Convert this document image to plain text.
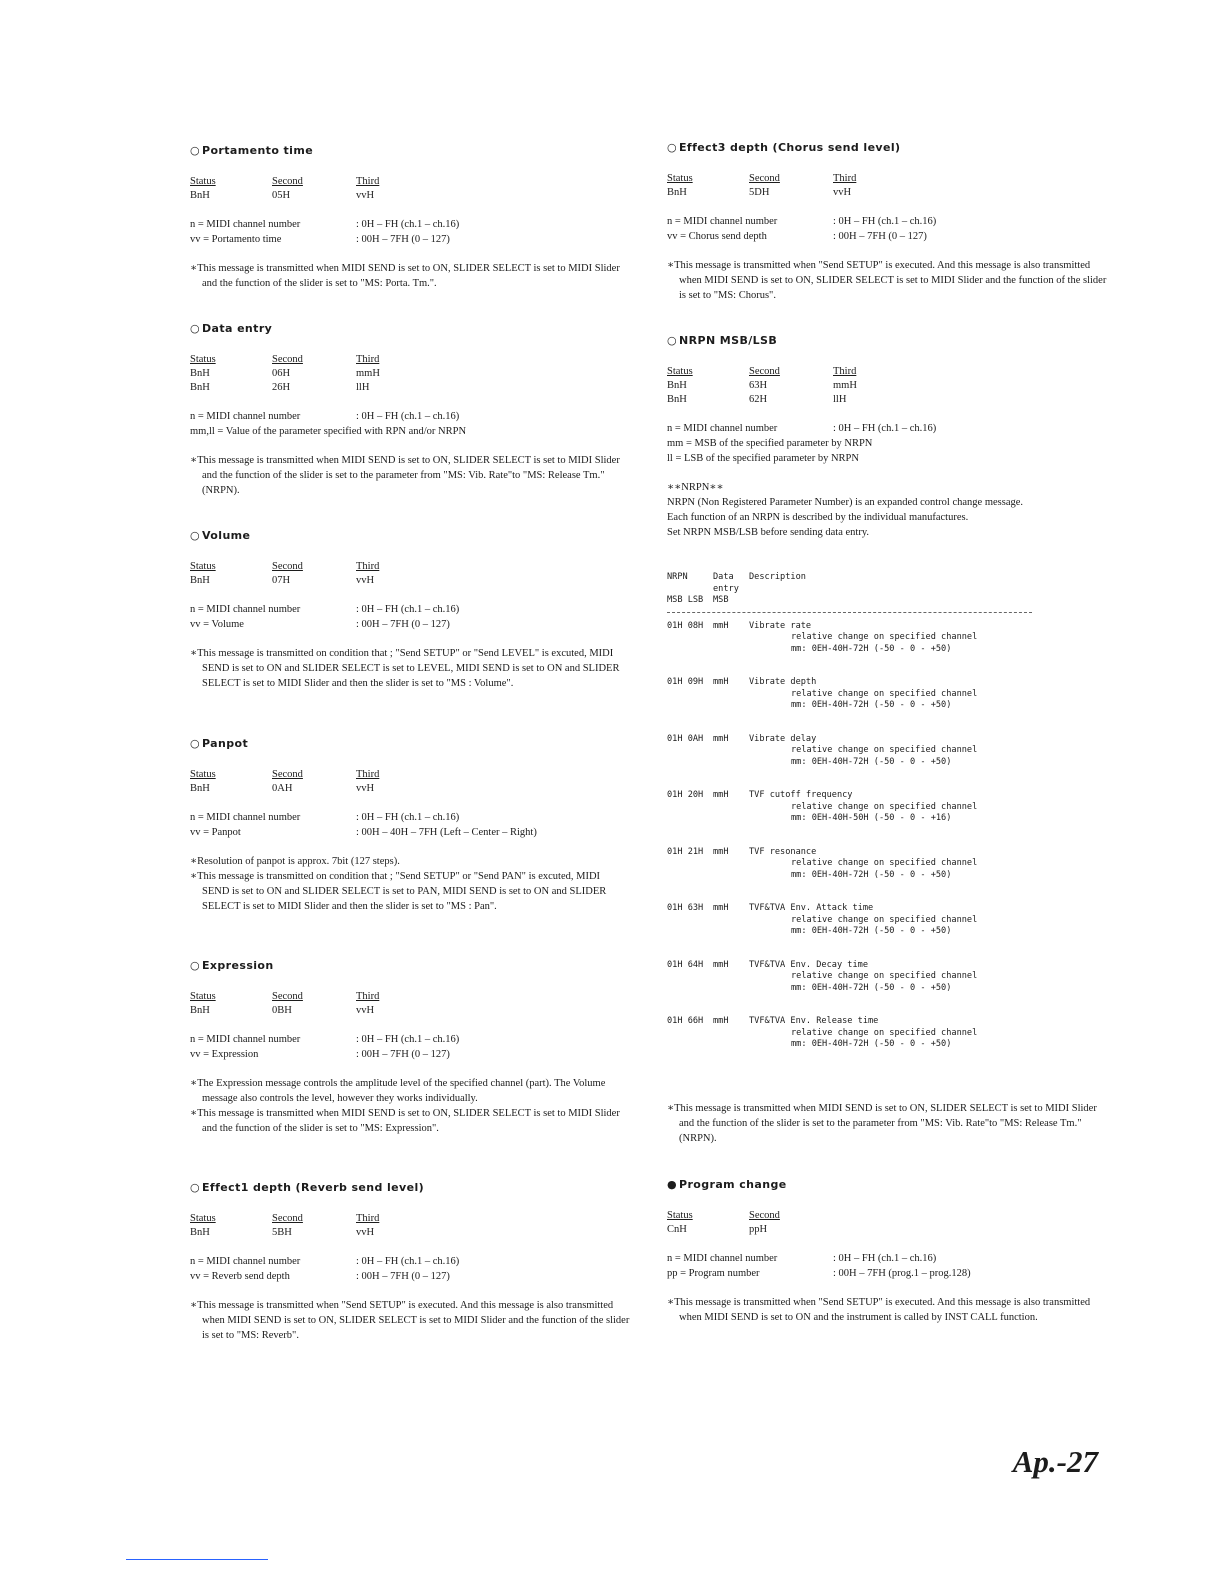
○ Portamento time
Status	Second	Third
BnH	05H	vvH
n = MIDI channel number	: 0H – FH (ch.1 – ch.16)
vv = Portamento time	: 00H – 7FH (0 – 127)

∗This message is transmitted when MIDI SEND is set to ON, SLIDER SELECT is set to MIDI Slider and the function of the slider is set to "MS: Porta. Tm.".

○ Data entry
Status	Second	Third
BnH	06H	mmH
BnH	26H	llH
n = MIDI channel number	: 0H – FH (ch.1 – ch.16)
mm,ll = Value of the parameter specified with RPN and/or NRPN

∗This message is transmitted when MIDI SEND is set to ON, SLIDER SELECT is set to MIDI Slider and the function of the slider is set to the parameter from "MS: Vib. Rate"to "MS: Release Tm." (NRPN).

○ Volume
Status	Second	Third
BnH	07H	vvH
n = MIDI channel number	: 0H – FH (ch.1 – ch.16)
vv = Volume	: 00H – 7FH (0 – 127)

∗This message is transmitted on condition that ; "Send SETUP" or "Send LEVEL" is excuted, MIDI SEND is set to ON and SLIDER SELECT is set to LEVEL, MIDI SEND is set to ON and SLIDER SELECT is set to MIDI Slider and then the slider is set to "MS : Volume".

○ Panpot
Status	Second	Third
BnH	0AH	vvH
n = MIDI channel number	: 0H – FH (ch.1 – ch.16)
vv = Panpot	: 00H – 40H – 7FH (Left – Center – Right)

∗Resolution of panpot is approx. 7bit (127 steps).

∗This message is transmitted on condition that ; "Send SETUP" or "Send PAN" is excuted, MIDI SEND is set to ON and SLIDER SELECT is set to PAN, MIDI SEND is set to ON and SLIDER SELECT is set to MIDI Slider and then the slider is set to "MS : Pan".

○ Expression
Status	Second	Third
BnH	0BH	vvH
n = MIDI channel number	: 0H – FH (ch.1 – ch.16)
vv = Expression	: 00H – 7FH (0 – 127)

∗The Expression message controls the amplitude level of the specified channel (part). The Volume message also controls the level, however they works individually.

∗This message is transmitted when MIDI SEND is set to ON, SLIDER SELECT is set to MIDI Slider and the function of the slider is set to "MS: Expression".

○ Effect1 depth (Reverb send level)
Status	Second	Third
BnH	5BH	vvH
n = MIDI channel number	: 0H – FH (ch.1 – ch.16)
vv = Reverb send depth	: 00H – 7FH (0 – 127)

∗This message is transmitted when "Send SETUP" is executed. And this message is also transmitted when MIDI SEND is set to ON, SLIDER SELECT is set to MIDI Slider and the function of the slider is set to "MS: Reverb".

○ Effect3 depth (Chorus send level)
Status	Second	Third
BnH	5DH	vvH
n = MIDI channel number	: 0H – FH (ch.1 – ch.16)
vv = Chorus send depth	: 00H – 7FH (0 – 127)

∗This message is transmitted when "Send SETUP" is executed. And this message is also transmitted when MIDI SEND is set to ON, SLIDER SELECT is set to MIDI Slider and the function of the slider is set to "MS: Chorus".

○ NRPN MSB/LSB
Status	Second	Third
BnH	63H	mmH
BnH	62H	llH
n = MIDI channel number	: 0H – FH (ch.1 – ch.16)
mm = MSB of the specified parameter by NRPN
ll = LSB of the specified parameter by NRPN

∗∗NRPN∗∗

NRPN (Non Registered Parameter Number) is an expanded control change message.

Each function of an NRPN is described by the individual manufactures.

Set NRPN MSB/LSB before sending data entry.

NRPN	Data	Description
entry
MSB LSB	MSB
01H 08H	mmH	Vibrate rate
relative change on specified channel
mm: 0EH-40H-72H (-50 - 0 - +50)
01H 09H	mmH	Vibrate depth
relative change on specified channel
mm: 0EH-40H-72H (-50 - 0 - +50)
01H 0AH	mmH	Vibrate delay
relative change on specified channel
mm: 0EH-40H-72H (-50 - 0 - +50)
01H 20H	mmH	TVF cutoff frequency
relative change on specified channel
mm: 0EH-40H-50H (-50 - 0 - +16)
01H 21H	mmH	TVF resonance
relative change on specified channel
mm: 0EH-40H-72H (-50 - 0 - +50)
01H 63H	mmH	TVF&TVA Env. Attack time
relative change on specified channel
mm: 0EH-40H-72H (-50 - 0 - +50)
01H 64H	mmH	TVF&TVA Env. Decay time
relative change on specified channel
mm: 0EH-40H-72H (-50 - 0 - +50)
01H 66H	mmH	TVF&TVA Env. Release time
relative change on specified channel
mm: 0EH-40H-72H (-50 - 0 - +50)

∗This message is transmitted when MIDI SEND is set to ON, SLIDER SELECT is set to MIDI Slider and the function of the slider is set to the parameter from "MS: Vib. Rate"to "MS: Release Tm." (NRPN).

● Program change
Status	Second
CnH	ppH
n = MIDI channel number	: 0H – FH (ch.1 – ch.16)
pp = Program number	: 00H – 7FH (prog.1 – prog.128)

∗This message is transmitted when "Send SETUP" is executed. And this message is also transmitted when MIDI SEND is set to ON and the instrument is called by INST CALL function.

Ap.-27
